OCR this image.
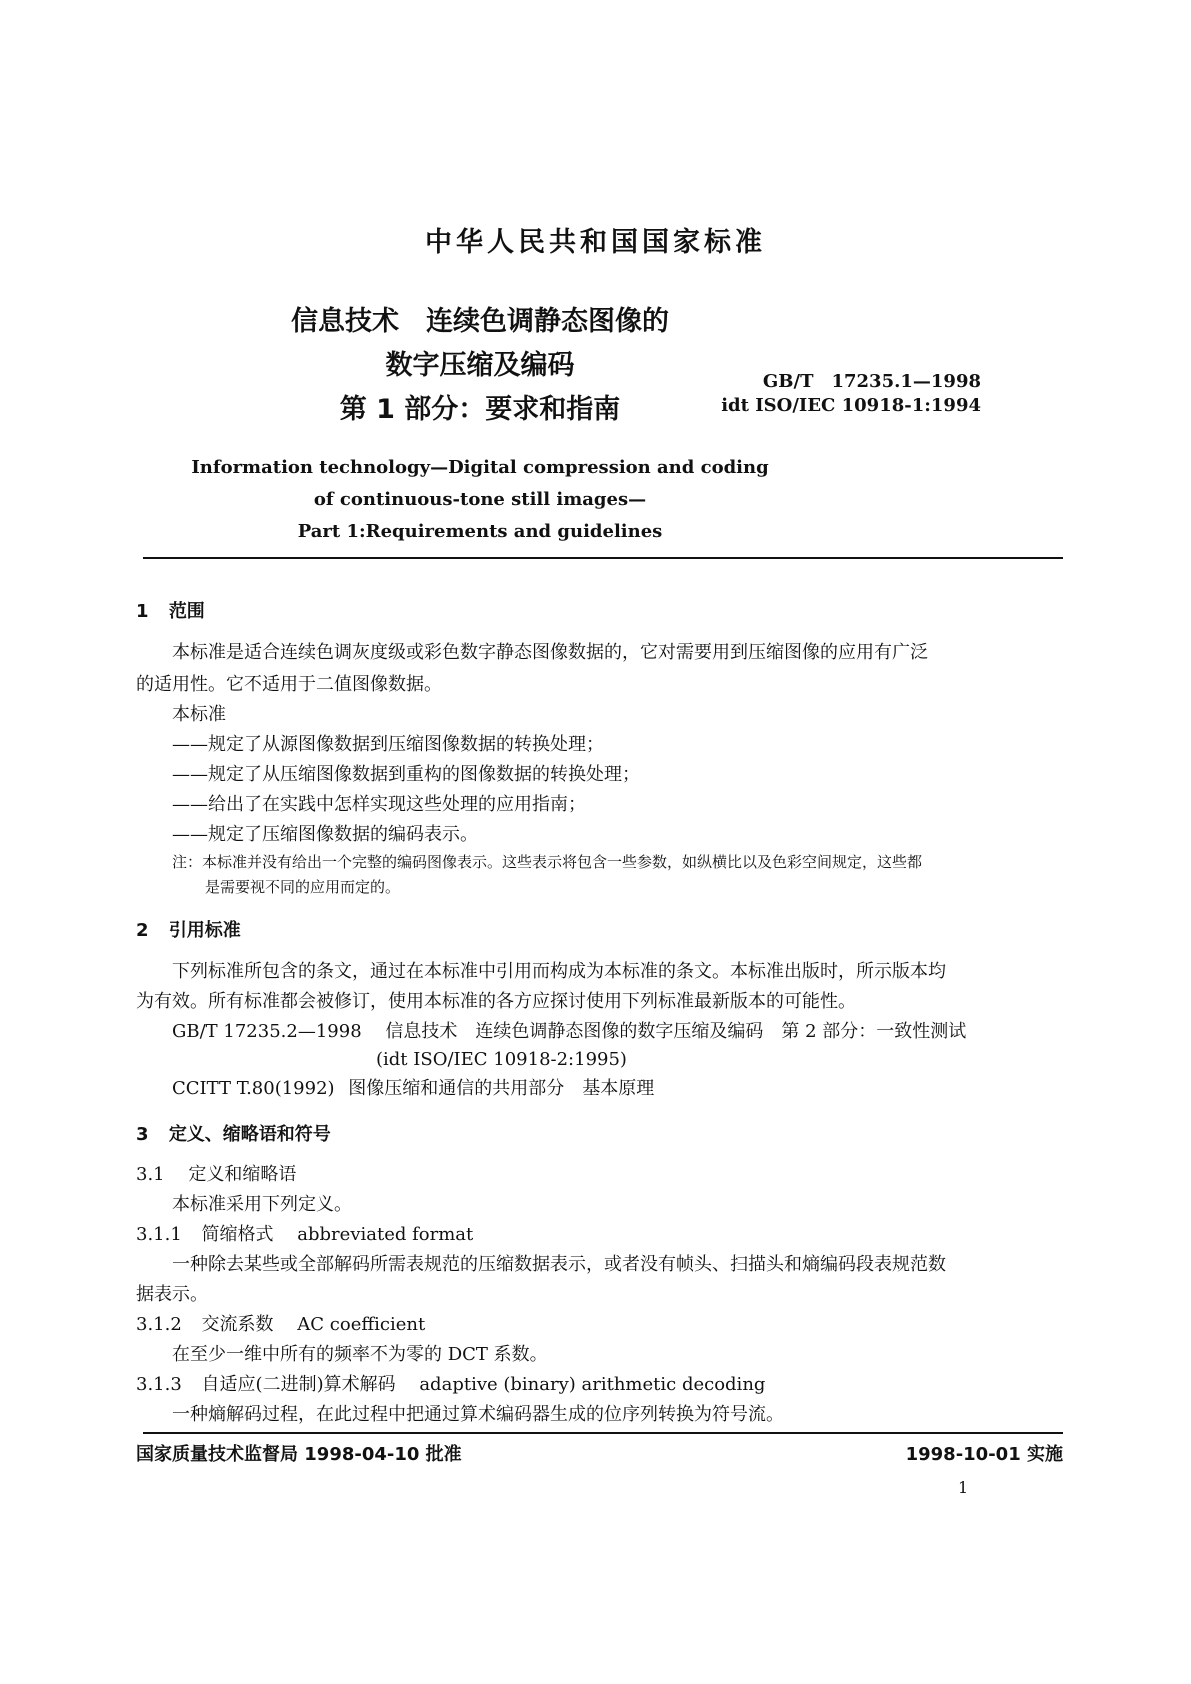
中华人民共和国国家标准
信息技术　连续色调静态图像的
数字压缩及编码
第 1 部分：要求和指南
GB/T　17235.1—1998
idt ISO/IEC 10918-1:1994
Information technology—Digital compression and coding
of continuous-tone still images—
Part 1:Requirements and guidelines
1 范围
本标准是适合连续色调灰度级或彩色数字静态图像数据的，它对需要用到压缩图像的应用有广泛
的适用性。它不适用于二值图像数据。
本标准
——规定了从源图像数据到压缩图像数据的转换处理；
——规定了从压缩图像数据到重构的图像数据的转换处理；
——给出了在实践中怎样实现这些处理的应用指南；
——规定了压缩图像数据的编码表示。
注：本标准并没有给出一个完整的编码图像表示。这些表示将包含一些参数，如纵横比以及色彩空间规定，这些都
是需要视不同的应用而定的。
2 引用标准
下列标准所包含的条文，通过在本标准中引用而构成为本标准的条文。本标准出版时，所示版本均
为有效。所有标准都会被修订，使用本标准的各方应探讨使用下列标准最新版本的可能性。
GB/T 17235.2—1998 信息技术　连续色调静态图像的数字压缩及编码　第 2 部分：一致性测试
(idt ISO/IEC 10918-2:1995)
CCITT T.80(1992) 图像压缩和通信的共用部分　基本原理
3 定义、缩略语和符号
3.1 定义和缩略语
本标准采用下列定义。
3.1.1 简缩格式 abbreviated format
一种除去某些或全部解码所需表规范的压缩数据表示，或者没有帧头、扫描头和熵编码段表规范数
据表示。
3.1.2 交流系数 AC coefficient
在至少一维中所有的频率不为零的 DCT 系数。
3.1.3 自适应(二进制)算术解码 adaptive (binary) arithmetic decoding
一种熵解码过程，在此过程中把通过算术编码器生成的位序列转换为符号流。
国家质量技术监督局 1998-04-10 批准	1998-10-01 实施
1
